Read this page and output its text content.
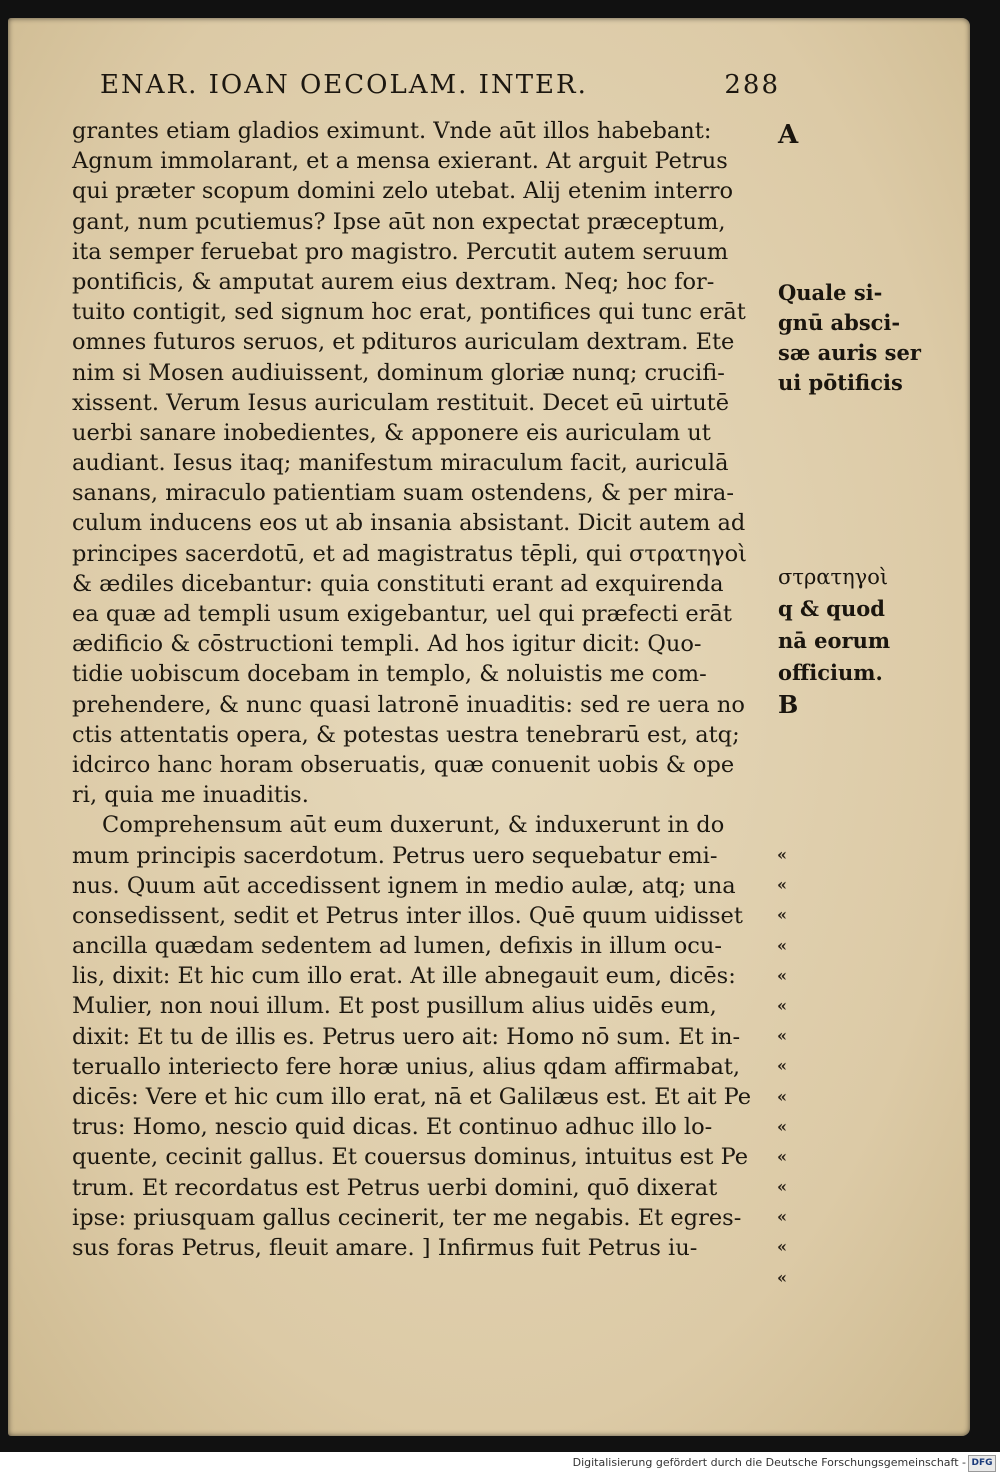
ENAR. IOAN OECOLAM. INTER.	288
grantes etiam gladios eximunt. Vnde aūt illos habebant:
Agnum immolarant, et a mensa exierant. At arguit Petrus
qui præter scopum domini zelo utebat. Alij etenim interro
gant, num pcutiemus? Ipse aūt non expectat præceptum,
ita semper feruebat pro magistro. Percutit autem seruum
pontificis, & amputat aurem eius dextram. Neq; hoc for-
tuito contigit, sed signum hoc erat, pontifices qui tunc erāt
omnes futuros seruos, et pdituros auriculam dextram. Ete
nim si Mosen audiuissent, dominum gloriæ nunq; crucifi-
xissent. Verum Iesus auriculam restituit. Decet eū uirtutē
uerbi sanare inobedientes, & apponere eis auriculam ut
audiant. Iesus itaq; manifestum miraculum facit, auriculā
sanans, miraculo patientiam suam ostendens, & per mira-
culum inducens eos ut ab insania absistant. Dicit autem ad
principes sacerdotū, et ad magistratus tēpli, qui στρατηγοὶ
& ædiles dicebantur: quia constituti erant ad exquirenda
ea quæ ad templi usum exigebantur, uel qui præfecti erāt
ædificio & cōstructioni templi. Ad hos igitur dicit: Quo-
tidie uobiscum docebam in templo, & noluistis me com-
prehendere, & nunc quasi latronē inuaditis: sed re uera no
ctis attentatis opera, & potestas uestra tenebrarū est, atq;
idcirco hanc horam obseruatis, quæ conuenit uobis & ope
ri, quia me inuaditis.
Comprehensum aūt eum duxerunt, & induxerunt in do
mum principis sacerdotum. Petrus uero sequebatur emi-
nus. Quum aūt accedissent ignem in medio aulæ, atq; una
consedissent, sedit et Petrus inter illos. Quē quum uidisset
ancilla quædam sedentem ad lumen, defixis in illum ocu-
lis, dixit: Et hic cum illo erat. At ille abnegauit eum, dicēs:
Mulier, non noui illum. Et post pusillum alius uidēs eum,
dixit: Et tu de illis es. Petrus uero ait: Homo nō sum. Et in-
teruallo interiecto fere horæ unius, alius qdam affirmabat,
dicēs: Vere et hic cum illo erat, nā et Galilæus est. Et ait Pe
trus: Homo, nescio quid dicas. Et continuo adhuc illo lo-
quente, cecinit gallus. Et couersus dominus, intuitus est Pe
trum. Et recordatus est Petrus uerbi domini, quō dixerat
ipse: priusquam gallus cecinerit, ter me negabis. Et egres-
sus foras Petrus, fleuit amare. ] Infirmus fuit Petrus iu-
A
Quale si-
gnū absci-
sæ auris ser
ui pōtificis
στρατηγοὶ
q & quod
nā eorum
officium.
B
«
«
«
«
«
«
«
«
«
«
«
«
«
«
«
Digitalisierung gefördert durch die Deutsche Forschungsgemeinschaft - DFG
